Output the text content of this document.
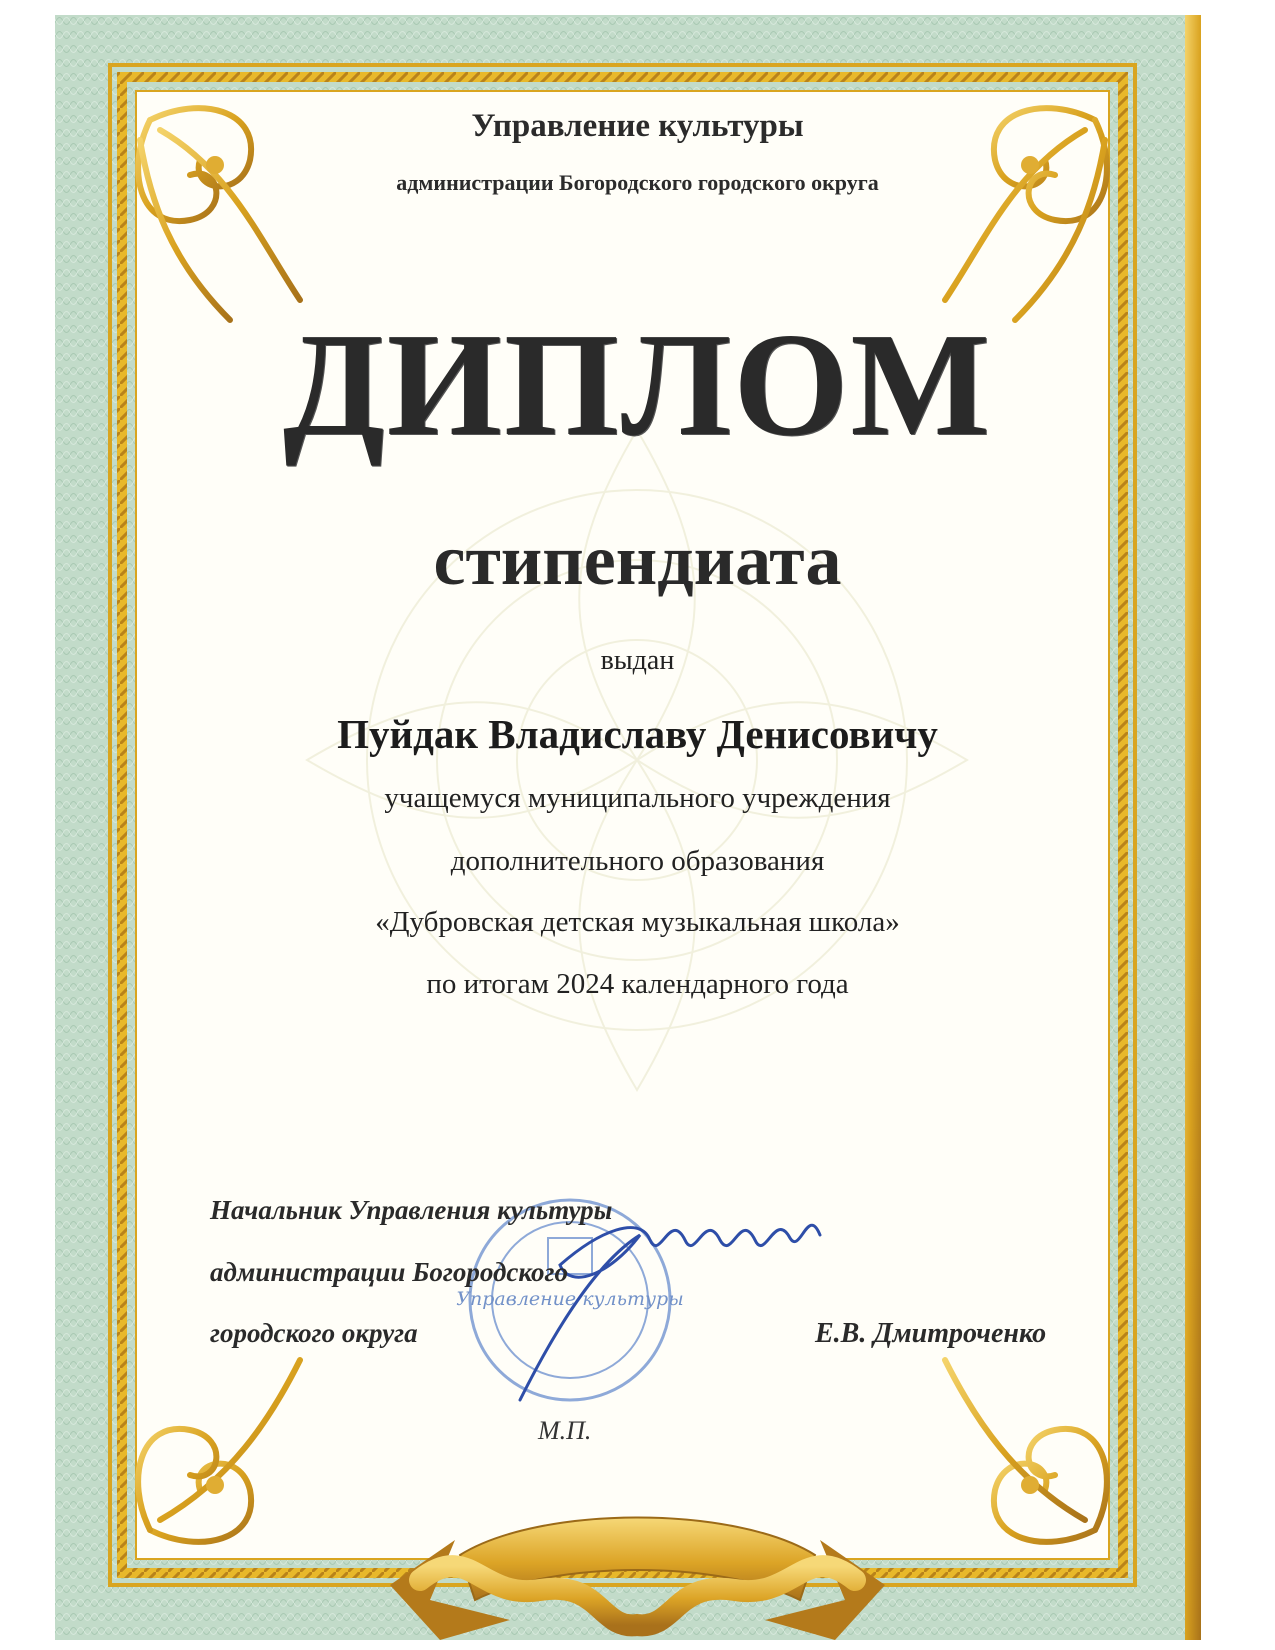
Управление культуры

Управление культуры

администрации Богородского городского округа

ДИПЛОМ

стипендиата

выдан

Пуйдак Владиславу Денисовичу

учащемуся муниципального учреждения

дополнительного образования

«Дубровская детская музыкальная школа»

по итогам 2024 календарного года

Начальник Управления культуры

администрации Богородского

городского округа	Е.В. Дмитроченко

М.П.
